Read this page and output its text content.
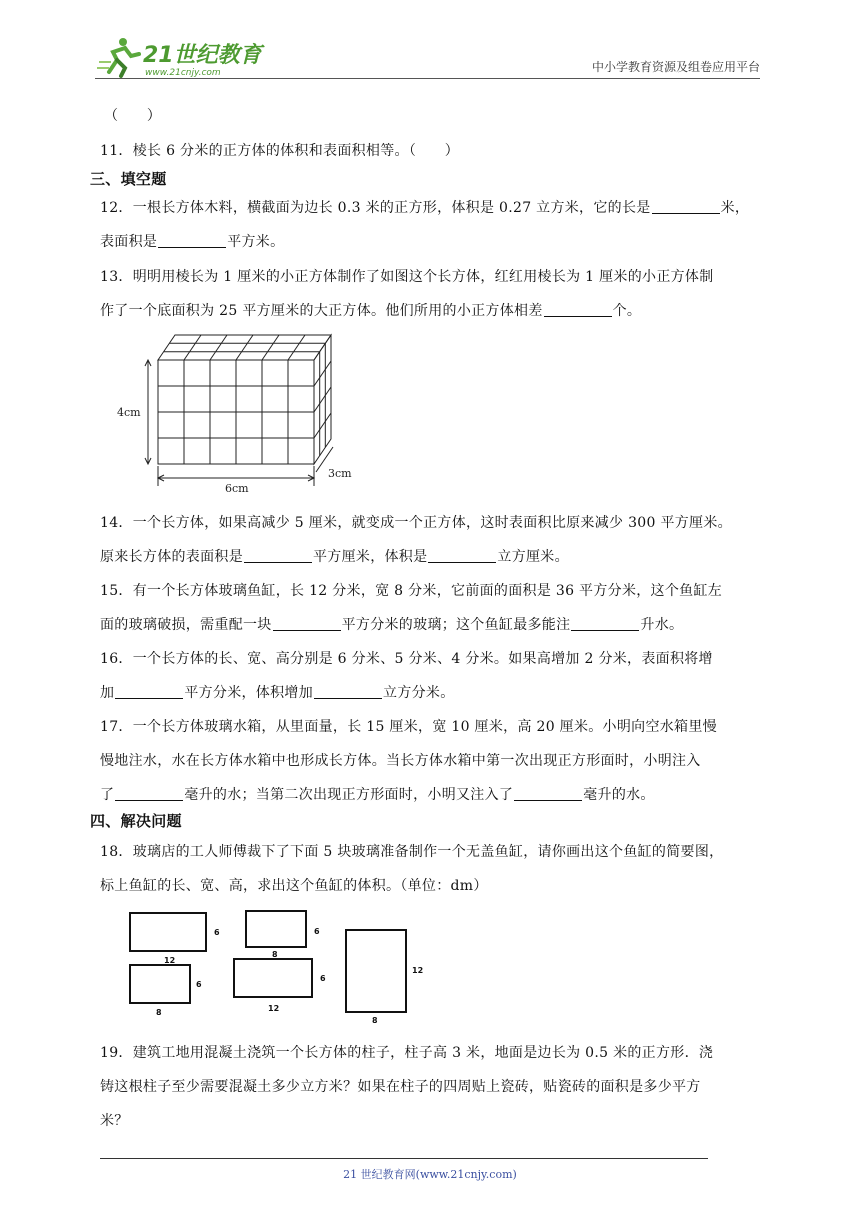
21世纪教育
www.21cnjy.com	中小学教育资源及组卷应用平台
（　　）
11．棱长 6 分米的正方体的体积和表面积相等。（　　）
三、填空题
12．一根长方体木料，横截面为边长 0.3 米的正方形，体积是 0.27 立方米，它的长是	米，
表面积是	平方米。
13．明明用棱长为 1 厘米的小正方体制作了如图这个长方体，红红用棱长为 1 厘米的小正方体制
作了一个底面积为 25 平方厘米的大正方体。他们所用的小正方体相差	个。
14．一个长方体，如果高减少 5 厘米，就变成一个正方体，这时表面积比原来减少 300 平方厘米。
原来长方体的表面积是	平方厘米，体积是	立方厘米。
15．有一个长方体玻璃鱼缸，长 12 分米，宽 8 分米，它前面的面积是 36 平方分米，这个鱼缸左
面的玻璃破损，需重配一块	平方分米的玻璃；这个鱼缸最多能注	升水。
16．一个长方体的长、宽、高分别是 6 分米、5 分米、4 分米。如果高增加 2 分米，表面积将增
加	平方分米，体积增加	立方分米。
17．一个长方体玻璃水箱，从里面量，长 15 厘米，宽 10 厘米，高 20 厘米。小明向空水箱里慢
慢地注水，水在长方体水箱中也形成长方体。当长方体水箱中第一次出现正方形面时，小明注入
了	毫升的水；当第二次出现正方形面时，小明又注入了	毫升的水。
四、解决问题
18．玻璃店的工人师傅裁下了下面 5 块玻璃准备制作一个无盖鱼缸，请你画出这个鱼缸的简要图，
标上鱼缸的长、宽、高，求出这个鱼缸的体积。（单位：dm）
19．建筑工地用混凝土浇筑一个长方体的柱子，柱子高 3 米，地面是边长为 0.5 米的正方形．浇
铸这根柱子至少需要混凝土多少立方米？如果在柱子的四周贴上瓷砖，贴瓷砖的面积是多少平方
米？
4cm
6cm
3cm
12
6
8
6
8
6
12
6
8
12
21 世纪教育网(www.21cnjy.com)
